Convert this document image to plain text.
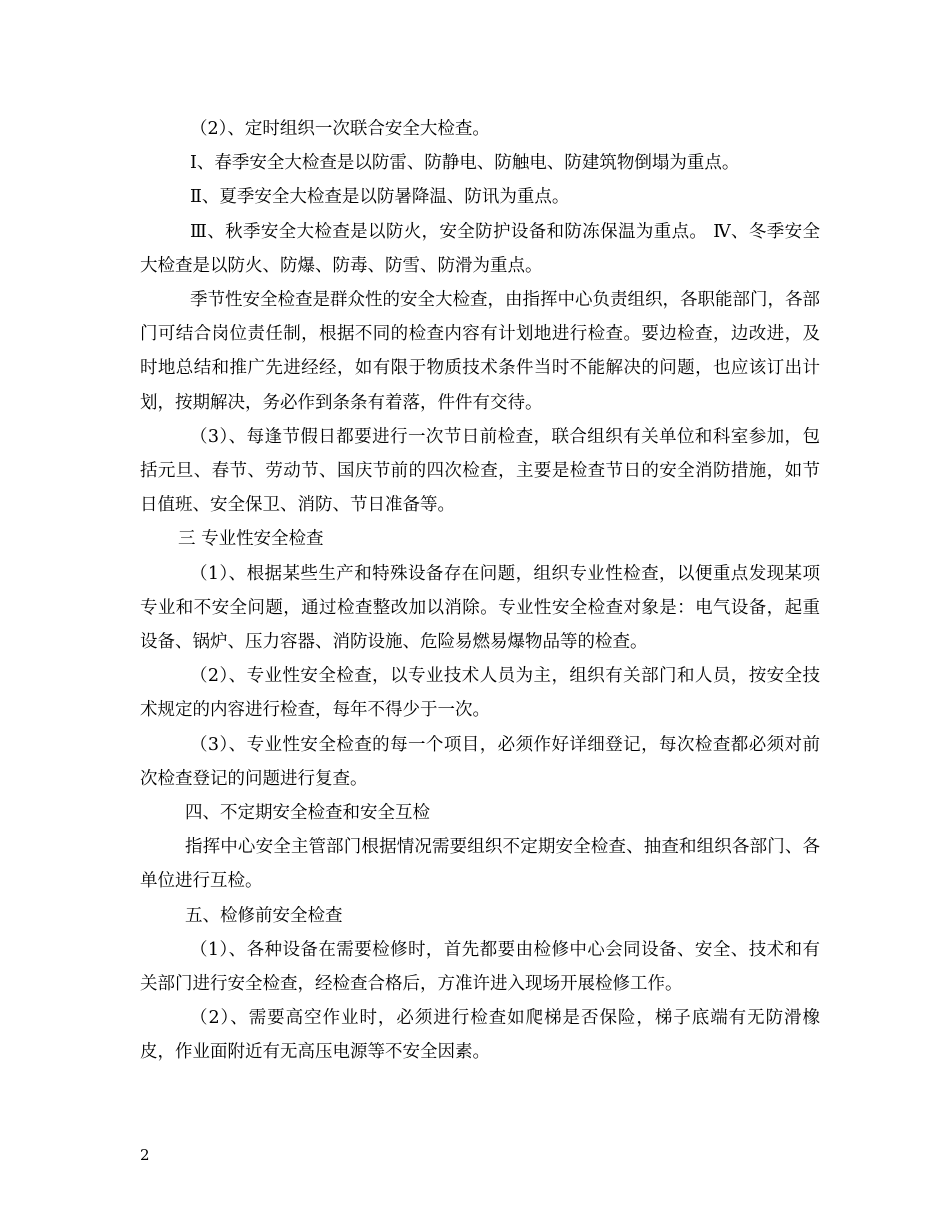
（2）、定时组织一次联合安全大检查。

Ⅰ、春季安全大检查是以防雷、防静电、防触电、防建筑物倒塌为重点。

Ⅱ、夏季安全大检查是以防暑降温、防讯为重点。

Ⅲ、秋季安全大检查是以防火，安全防护设备和防冻保温为重点。 Ⅳ、冬季安全大检查是以防火、防爆、防毒、防雪、防滑为重点。

季节性安全检查是群众性的安全大检查，由指挥中心负责组织，各职能部门，各部门可结合岗位责任制，根据不同的检查内容有计划地进行检查。要边检查，边改进，及时地总结和推广先进经经，如有限于物质技术条件当时不能解决的问题，也应该订出计划，按期解决，务必作到条条有着落，件件有交待。

（3）、每逢节假日都要进行一次节日前检查，联合组织有关单位和科室参加，包括元旦、春节、劳动节、国庆节前的四次检查，主要是检查节日的安全消防措施，如节日值班、安全保卫、消防、节日准备等。

三 专业性安全检查

（1）、根据某些生产和特殊设备存在问题，组织专业性检查，以便重点发现某项专业和不安全问题，通过检查整改加以消除。专业性安全检查对象是：电气设备，起重设备、锅炉、压力容器、消防设施、危险易燃易爆物品等的检查。

（2）、专业性安全检查，以专业技术人员为主，组织有关部门和人员，按安全技术规定的内容进行检查，每年不得少于一次。

（3）、专业性安全检查的每一个项目，必须作好详细登记，每次检查都必须对前次检查登记的问题进行复查。

四、不定期安全检查和安全互检

指挥中心安全主管部门根据情况需要组织不定期安全检查、抽查和组织各部门、各单位进行互检。

五、检修前安全检查

（1）、各种设备在需要检修时，首先都要由检修中心会同设备、安全、技术和有关部门进行安全检查，经检查合格后，方准许进入现场开展检修工作。

（2）、需要高空作业时，必须进行检查如爬梯是否保险，梯子底端有无防滑橡皮，作业面附近有无高压电源等不安全因素。

2
